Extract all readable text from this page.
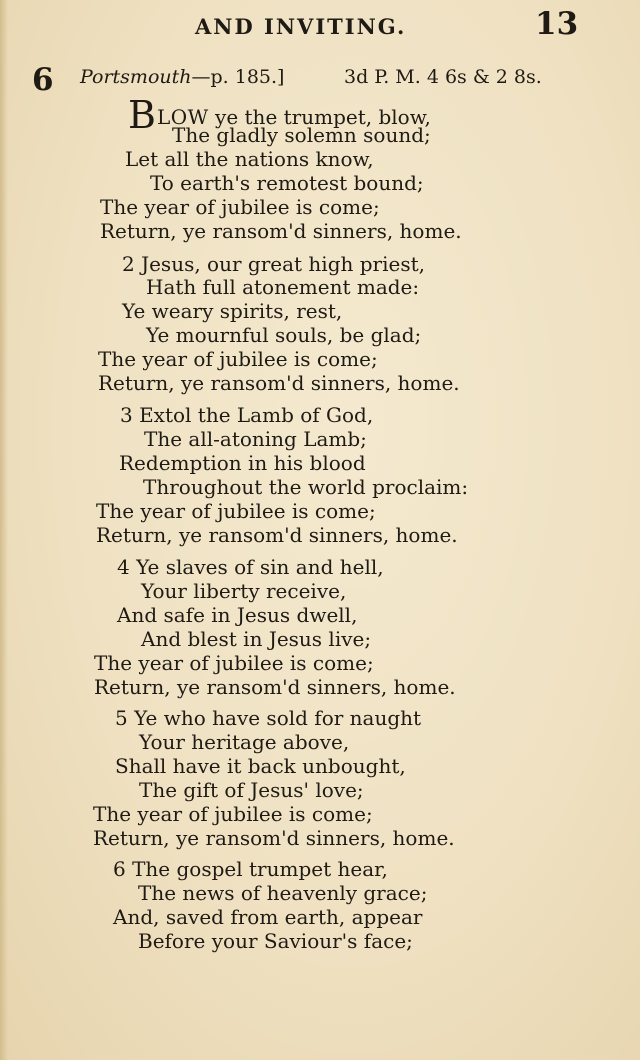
AND INVITING.	13
6 Portsmouth—p. 185.]	3d P. M. 4 6s & 2 8s.
BLOW ye the trumpet, blow,
The gladly solemn sound;
Let all the nations know,
To earth's remotest bound;
The year of jubilee is come;
Return, ye ransom'd sinners, home.
2 Jesus, our great high priest,
Hath full atonement made:
Ye weary spirits, rest,
Ye mournful souls, be glad;
The year of jubilee is come;
Return, ye ransom'd sinners, home.
3 Extol the Lamb of God,
The all-atoning Lamb;
Redemption in his blood
Throughout the world proclaim:
The year of jubilee is come;
Return, ye ransom'd sinners, home.
4 Ye slaves of sin and hell,
Your liberty receive,
And safe in Jesus dwell,
And blest in Jesus live;
The year of jubilee is come;
Return, ye ransom'd sinners, home.
5 Ye who have sold for naught
Your heritage above,
Shall have it back unbought,
The gift of Jesus' love;
The year of jubilee is come;
Return, ye ransom'd sinners, home.
6 The gospel trumpet hear,
The news of heavenly grace;
And, saved from earth, appear
Before your Saviour's face;
